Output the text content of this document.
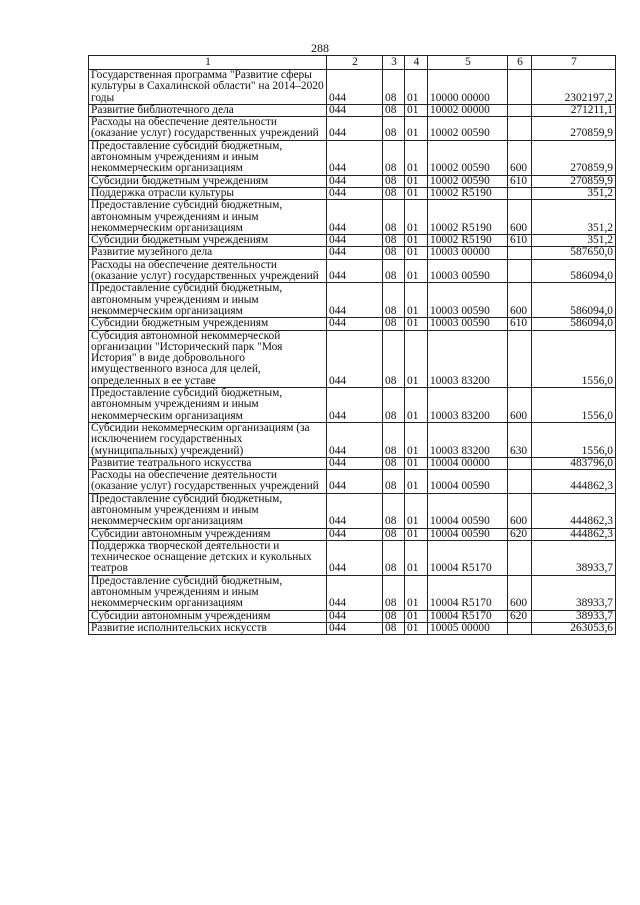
288
1	2	3	4	5	6	7
Государственная программа "Развитие сферы культуры в Сахалинской области" на 2014–2020 годы	044	08	01	10000 00000		2302197,2
Развитие библиотечного дела	044	08	01	10002 00000		271211,1
Расходы на обеспечение деятельности (оказание услуг) государственных учреждений	044	08	01	10002 00590		270859,9
Предоставление субсидий бюджетным, автономным учреждениям и иным некоммерческим организациям	044	08	01	10002 00590	600	270859,9
Субсидии бюджетным учреждениям	044	08	01	10002 00590	610	270859,9
Поддержка отрасли культуры	044	08	01	10002 R5190		351,2
Предоставление субсидий бюджетным, автономным учреждениям и иным некоммерческим организациям	044	08	01	10002 R5190	600	351,2
Субсидии бюджетным учреждениям	044	08	01	10002 R5190	610	351,2
Развитие музейного дела	044	08	01	10003 00000		587650,0
Расходы на обеспечение деятельности (оказание услуг) государственных учреждений	044	08	01	10003 00590		586094,0
Предоставление субсидий бюджетным, автономным учреждениям и иным некоммерческим организациям	044	08	01	10003 00590	600	586094,0
Субсидии бюджетным учреждениям	044	08	01	10003 00590	610	586094,0
Субсидия автономной некоммерческой организации "Исторический парк "Моя История" в виде добровольного имущественного взноса для целей, определенных в ее уставе	044	08	01	10003 83200		1556,0
Предоставление субсидий бюджетным, автономным учреждениям и иным некоммерческим организациям	044	08	01	10003 83200	600	1556,0
Субсидии некоммерческим организациям (за исключением государственных (муниципальных) учреждений)	044	08	01	10003 83200	630	1556,0
Развитие театрального искусства	044	08	01	10004 00000		483796,0
Расходы на обеспечение деятельности (оказание услуг) государственных учреждений	044	08	01	10004 00590		444862,3
Предоставление субсидий бюджетным, автономным учреждениям и иным некоммерческим организациям	044	08	01	10004 00590	600	444862,3
Субсидии автономным учреждениям	044	08	01	10004 00590	620	444862,3
Поддержка творческой деятельности и техническое оснащение детских и кукольных театров	044	08	01	10004 R5170		38933,7
Предоставление субсидий бюджетным, автономным учреждениям и иным некоммерческим организациям	044	08	01	10004 R5170	600	38933,7
Субсидии автономным учреждениям	044	08	01	10004 R5170	620	38933,7
Развитие исполнительских искусств	044	08	01	10005 00000		263053,6
